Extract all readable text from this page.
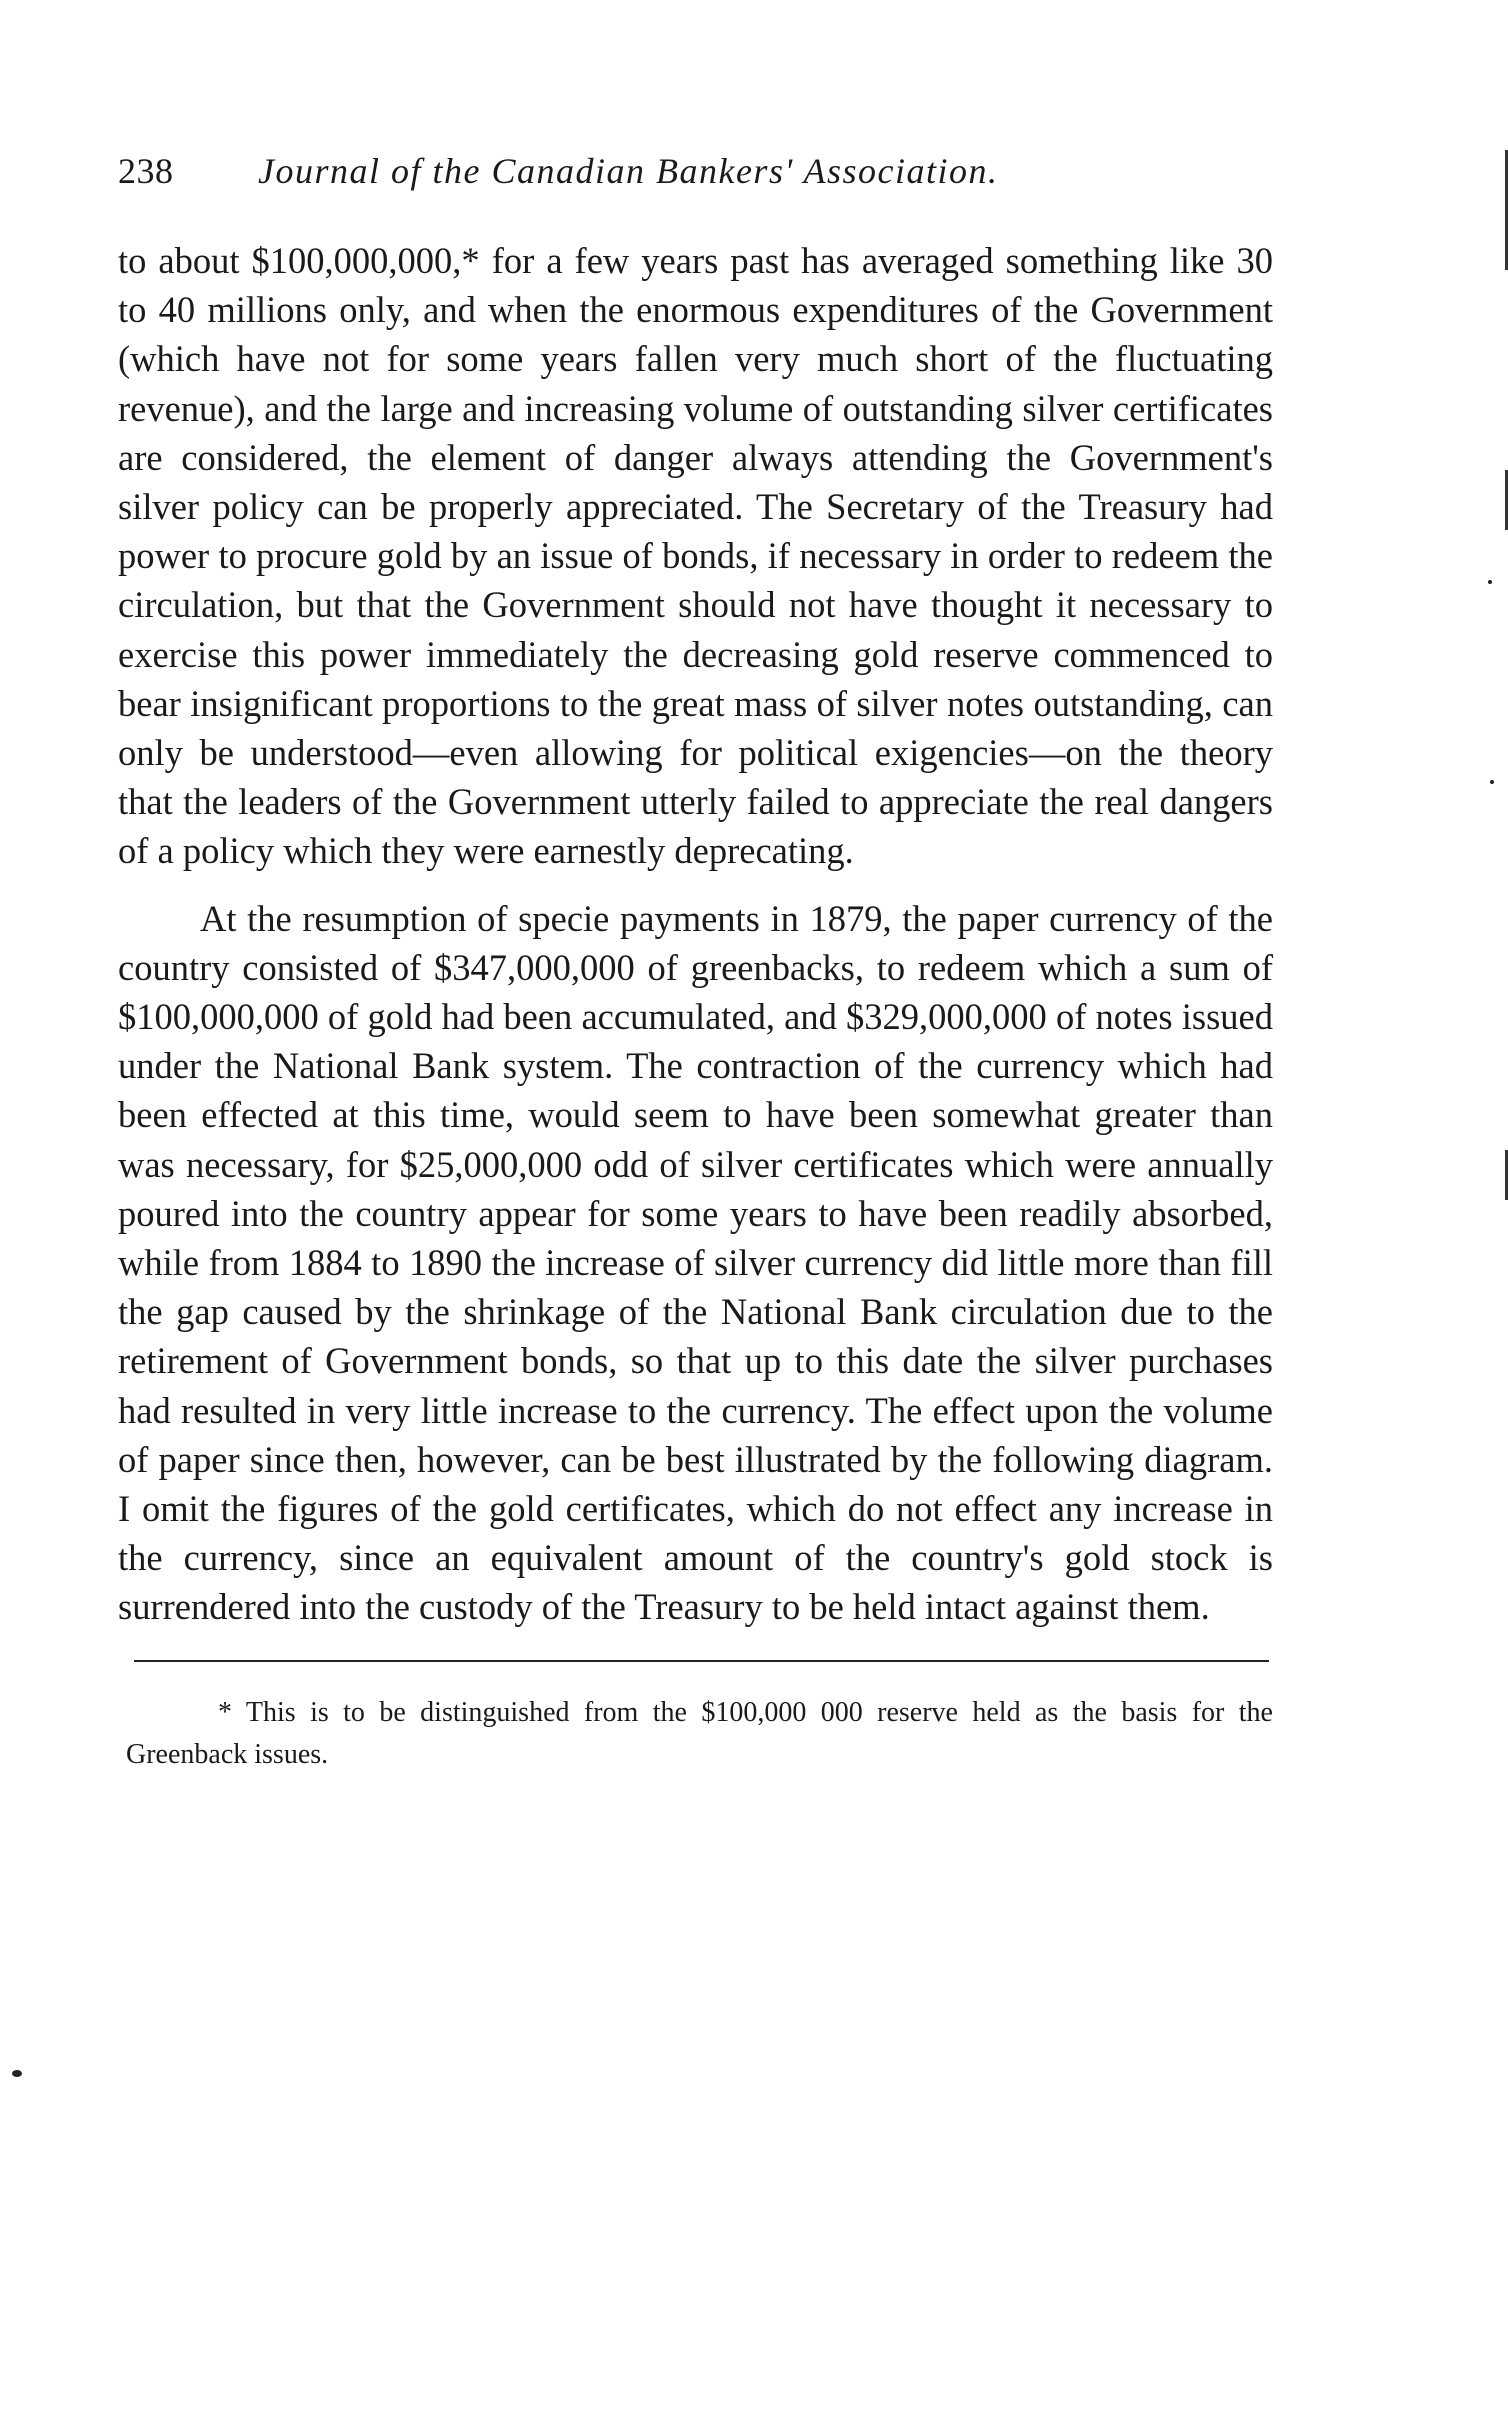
238	Journal of the Canadian Bankers' Association.

to about $100,000,000,* for a few years past has averaged something like 30 to 40 millions only, and when the enormous expenditures of the Government (which have not for some years fallen very much short of the fluctuating revenue), and the large and increasing volume of outstanding silver certificates are considered, the element of danger always attending the Government's silver policy can be properly appreciated. The Secretary of the Treasury had power to procure gold by an issue of bonds, if necessary in order to redeem the circulation, but that the Government should not have thought it necessary to exercise this power immediately the decreasing gold reserve commenced to bear insignificant proportions to the great mass of silver notes outstanding, can only be understood—even allowing for political exigencies—on the theory that the leaders of the Government utterly failed to appreciate the real dangers of a policy which they were earnestly deprecating.

At the resumption of specie payments in 1879, the paper currency of the country consisted of $347,000,000 of greenbacks, to redeem which a sum of $100,000,000 of gold had been accumulated, and $329,000,000 of notes issued under the National Bank system. The contraction of the currency which had been effected at this time, would seem to have been somewhat greater than was necessary, for $25,000,000 odd of silver certificates which were annually poured into the country appear for some years to have been readily absorbed, while from 1884 to 1890 the increase of silver currency did little more than fill the gap caused by the shrinkage of the National Bank circulation due to the retirement of Government bonds, so that up to this date the silver purchases had resulted in very little increase to the currency. The effect upon the volume of paper since then, however, can be best illustrated by the following diagram. I omit the figures of the gold certificates, which do not effect any increase in the currency, since an equivalent amount of the country's gold stock is surrendered into the custody of the Treasury to be held intact against them.

* This is to be distinguished from the $100,000 000 reserve held as the basis for the Greenback issues.
